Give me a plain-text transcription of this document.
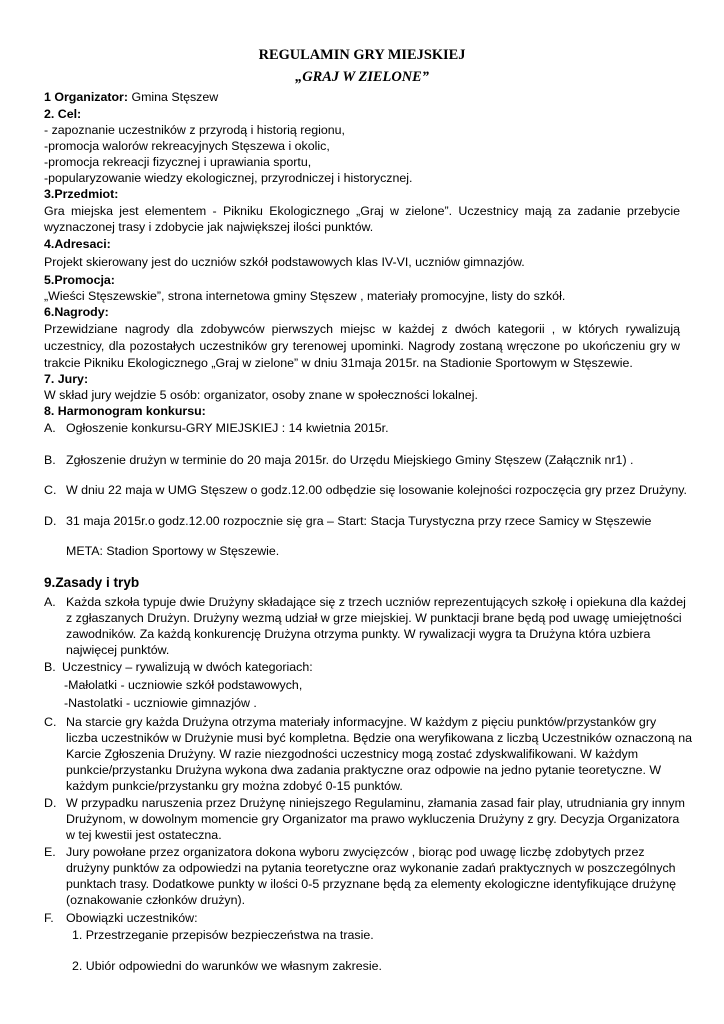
REGULAMIN GRY MIEJSKIEJ
„GRAJ W ZIELONE”
1 Organizator: Gmina Stęszew
2. Cel:
- zapoznanie uczestników z przyrodą i historią regionu,
-promocja walorów rekreacyjnych Stęszewa i okolic,
-promocja rekreacji fizycznej i uprawiania sportu,
-popularyzowanie wiedzy ekologicznej, przyrodniczej i historycznej.
3.Przedmiot:
Gra miejska jest elementem - Pikniku Ekologicznego „Graj w zielone”. Uczestnicy mają za zadanie przebycie
wyznaczonej trasy i zdobycie jak największej ilości punktów.
4.Adresaci:
Projekt skierowany jest do uczniów szkół podstawowych klas IV-VI, uczniów gimnazjów.
5.Promocja:
„Wieści Stęszewskie”, strona internetowa gminy Stęszew , materiały promocyjne, listy do szkół.
6.Nagrody:
Przewidziane nagrody dla zdobywców pierwszych miejsc w każdej z dwóch kategorii , w których rywalizują
uczestnicy, dla pozostałych uczestników gry terenowej upominki. Nagrody zostaną wręczone po ukończeniu gry w
trakcie Pikniku Ekologicznego „Graj w zielone” w dniu 31maja 2015r. na Stadionie Sportowym w Stęszewie.
7. Jury:
W skład jury wejdzie 5 osób: organizator, osoby znane w społeczności lokalnej.
8. Harmonogram konkursu:
A. Ogłoszenie konkursu-GRY MIEJSKIEJ : 14 kwietnia 2015r.
B. Zgłoszenie drużyn w terminie do 20 maja 2015r. do Urzędu Miejskiego Gminy Stęszew (Załącznik nr1) .
C. W dniu 22 maja w UMG Stęszew o godz.12.00 odbędzie się losowanie kolejności rozpoczęcia gry przez Drużyny.
D. 31 maja 2015r.o godz.12.00 rozpocznie się gra – Start: Stacja Turystyczna przy rzece Samicy w Stęszewie
META: Stadion Sportowy w Stęszewie.
9.Zasady i tryb
A. Każda szkoła typuje dwie Drużyny składające się z trzech uczniów reprezentujących szkołę i opiekuna dla każdej
z zgłaszanych Drużyn. Drużyny wezmą udział w grze miejskiej. W punktacji brane będą pod uwagę umiejętności
zawodników. Za każdą konkurencję Drużyna otrzyma punkty. W rywalizacji wygra ta Drużyna która uzbiera
najwięcej punktów.
B. Uczestnicy – rywalizują w dwóch kategoriach:
-Małolatki - uczniowie szkół podstawowych,
-Nastolatki - uczniowie gimnazjów .
C. Na starcie gry każda Drużyna otrzyma materiały informacyjne. W każdym z pięciu punktów/przystanków gry
liczba uczestników w Drużynie musi być kompletna. Będzie ona weryfikowana z liczbą Uczestników oznaczoną na
Karcie Zgłoszenia Drużyny. W razie niezgodności uczestnicy mogą zostać zdyskwalifikowani. W każdym
punkcie/przystanku Drużyna wykona dwa zadania praktyczne oraz odpowie na jedno pytanie teoretyczne. W
każdym punkcie/przystanku gry można zdobyć 0-15 punktów.
D. W przypadku naruszenia przez Drużynę niniejszego Regulaminu, złamania zasad fair play, utrudniania gry innym
Drużynom, w dowolnym momencie gry Organizator ma prawo wykluczenia Drużyny z gry. Decyzja Organizatora
w tej kwestii jest ostateczna.
E. Jury powołane przez organizatora dokona wyboru zwycięzców , biorąc pod uwagę liczbę zdobytych przez
drużyny punktów za odpowiedzi na pytania teoretyczne oraz wykonanie zadań praktycznych w poszczególnych
punktach trasy. Dodatkowe punkty w ilości 0-5 przyznane będą za elementy ekologiczne identyfikujące drużynę
(oznakowanie członków drużyn).
F. Obowiązki uczestników:
1. Przestrzeganie przepisów bezpieczeństwa na trasie.
2. Ubiór odpowiedni do warunków we własnym zakresie.
